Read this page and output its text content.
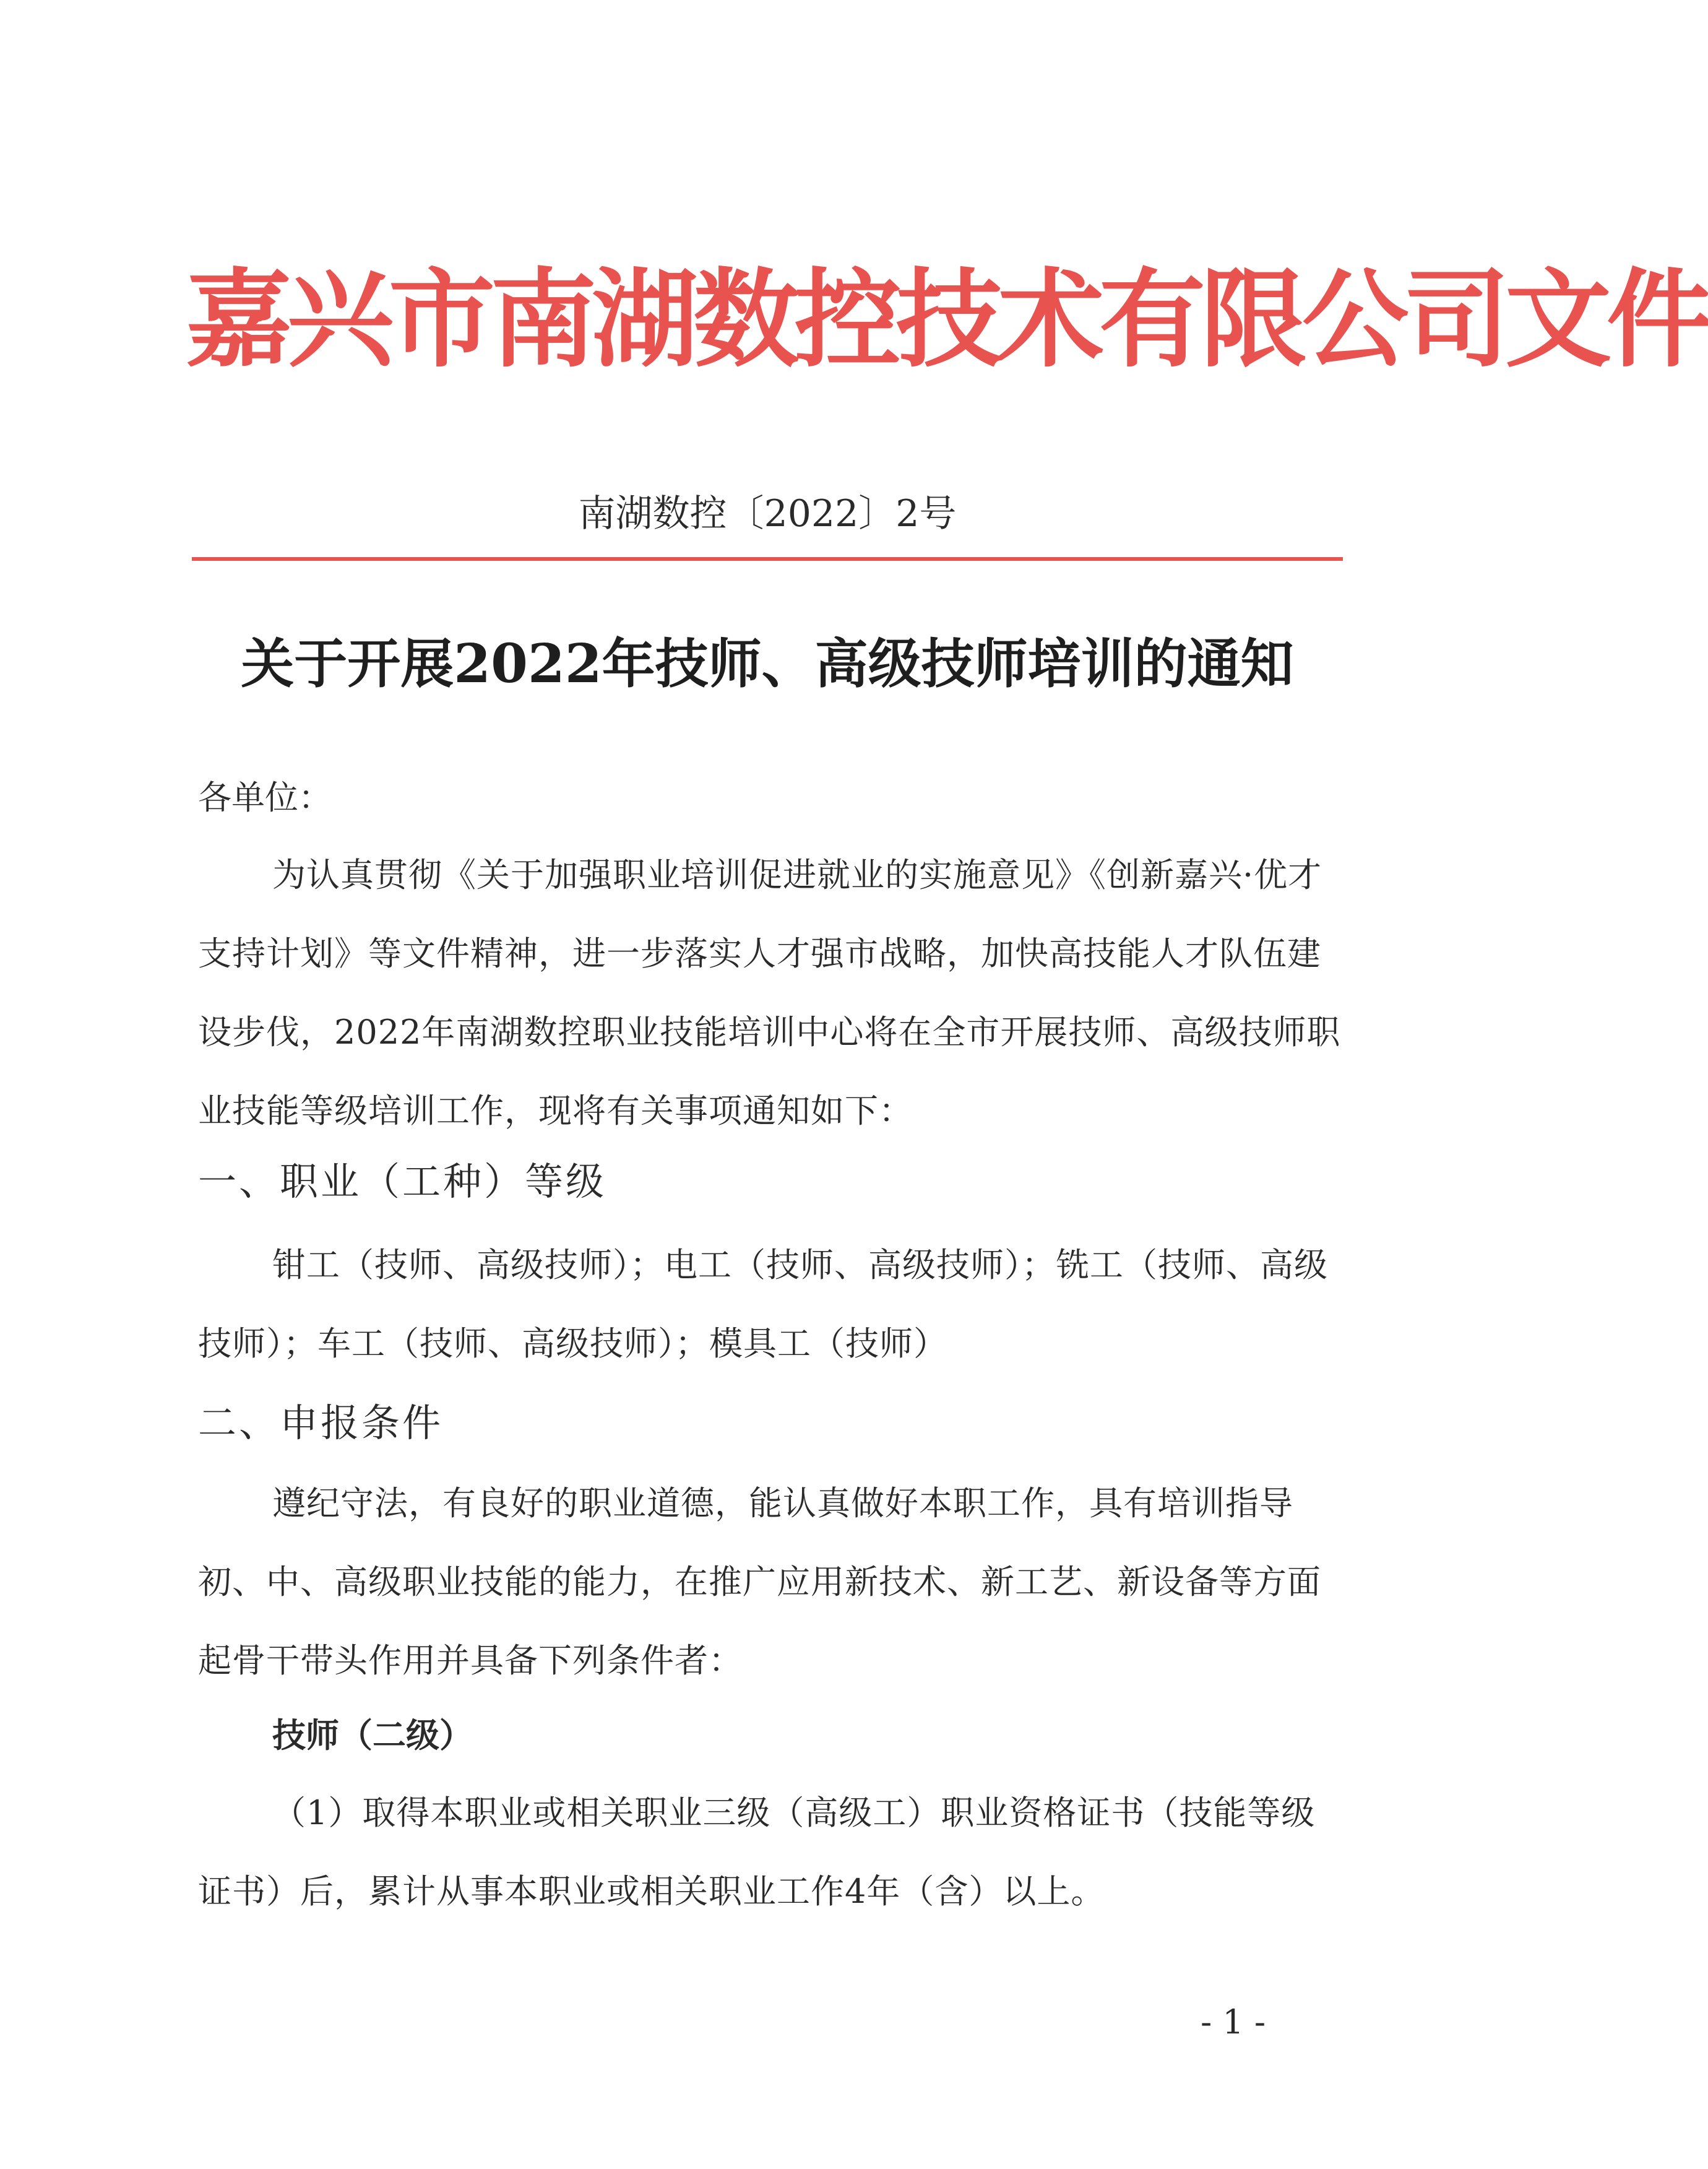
嘉兴市南湖数控技术有限公司文件
南湖数控〔2022〕2号
关于开展2022年技师、高级技师培训的通知
各单位：
为认真贯彻《关于加强职业培训促进就业的实施意见》《创新嘉兴·优才支持计划》等文件精神，进一步落实人才强市战略，加快高技能人才队伍建设步伐，2022年南湖数控职业技能培训中心将在全市开展技师、高级技师职业技能等级培训工作，现将有关事项通知如下：
一、职业（工种）等级
钳工（技师、高级技师）；电工（技师、高级技师）；铣工（技师、高级技师）；车工（技师、高级技师）；模具工（技师）
二、申报条件
遵纪守法，有良好的职业道德，能认真做好本职工作，具有培训指导初、中、高级职业技能的能力，在推广应用新技术、新工艺、新设备等方面起骨干带头作用并具备下列条件者：
技师（二级）
（1）取得本职业或相关职业三级（高级工）职业资格证书（技能等级证书）后，累计从事本职业或相关职业工作4年（含）以上。
- 1 -
